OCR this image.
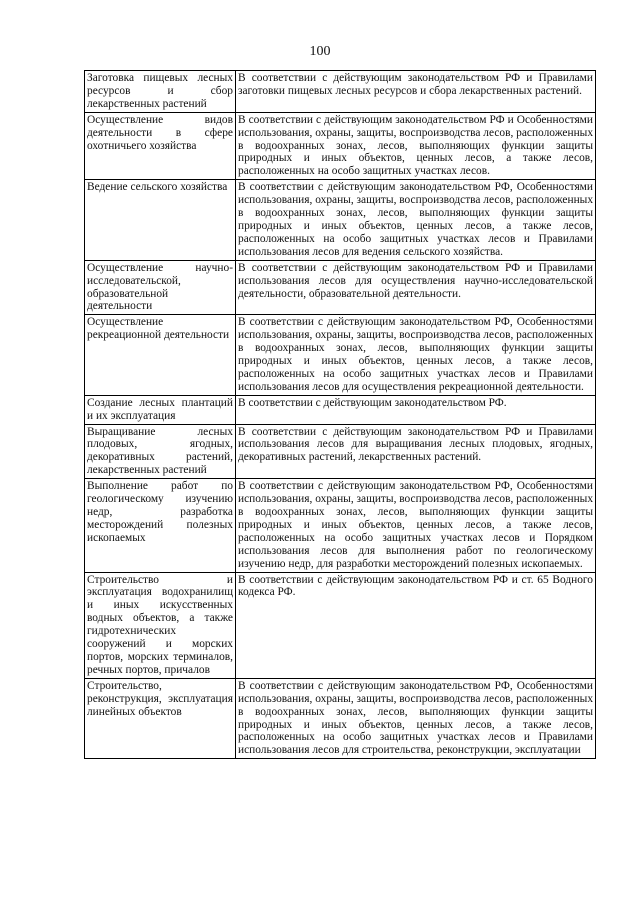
100
Заготовка пищевых лесных ресурсов и сбор лекарственных растений	В соответствии с действующим законодательством РФ и Правилами заготовки пищевых лесных ресурсов и сбора лекарственных растений.
Осуществление видов деятельности в сфере охотничьего хозяйства	В соответствии с действующим законодательством РФ и Особенностями использования, охраны, защиты, воспроизводства лесов, расположенных в водоохранных зонах, лесов, выполняющих функции защиты природных и иных объектов, ценных лесов, а также лесов, расположенных на особо защитных участках лесов.
Ведение сельского хозяйства	В соответствии с действующим законодательством РФ, Особенностями использования, охраны, защиты, воспроизводства лесов, расположенных в водоохранных зонах, лесов, выполняющих функции защиты природных и иных объектов, ценных лесов, а также лесов, расположенных на особо защитных участках лесов и Правилами использования лесов для ведения сельского хозяйства.
Осуществление научно-исследовательской, образовательной деятельности	В соответствии с действующим законодательством РФ и Правилами использования лесов для осуществления научно-исследовательской деятельности, образовательной деятельности.
Осуществление рекреационной деятельности	В соответствии с действующим законодательством РФ, Особенностями использования, охраны, защиты, воспроизводства лесов, расположенных в водоохранных зонах, лесов, выполняющих функции защиты природных и иных объектов, ценных лесов, а также лесов, расположенных на особо защитных участках лесов и Правилами использования лесов для осуществления рекреационной деятельности.
Создание лесных плантаций и их эксплуатация	В соответствии с действующим законодательством РФ.
Выращивание лесных плодовых, ягодных, декоративных растений, лекарственных растений	В соответствии с действующим законодательством РФ и Правилами использования лесов для выращивания лесных плодовых, ягодных, декоративных растений, лекарственных растений.
Выполнение работ по геологическому изучению недр, разработка месторождений полезных ископаемых	В соответствии с действующим законодательством РФ, Особенностями использования, охраны, защиты, воспроизводства лесов, расположенных в водоохранных зонах, лесов, выполняющих функции защиты природных и иных объектов, ценных лесов, а также лесов, расположенных на особо защитных участках лесов и Порядком использования лесов для выполнения работ по геологическому изучению недр, для разработки месторождений полезных ископаемых.
Строительство и эксплуатация водохранилищ и иных искусственных водных объектов, а также гидротехнических сооружений и морских портов, морских терминалов, речных портов, причалов	В соответствии с действующим законодательством РФ и ст. 65 Водного кодекса РФ.
Строительство, реконструкция, эксплуатация линейных объектов	В соответствии с действующим законодательством РФ, Особенностями использования, охраны, защиты, воспроизводства лесов, расположенных в водоохранных зонах, лесов, выполняющих функции защиты природных и иных объектов, ценных лесов, а также лесов, расположенных на особо защитных участках лесов и Правилами использования лесов для строительства, реконструкции, эксплуатации
